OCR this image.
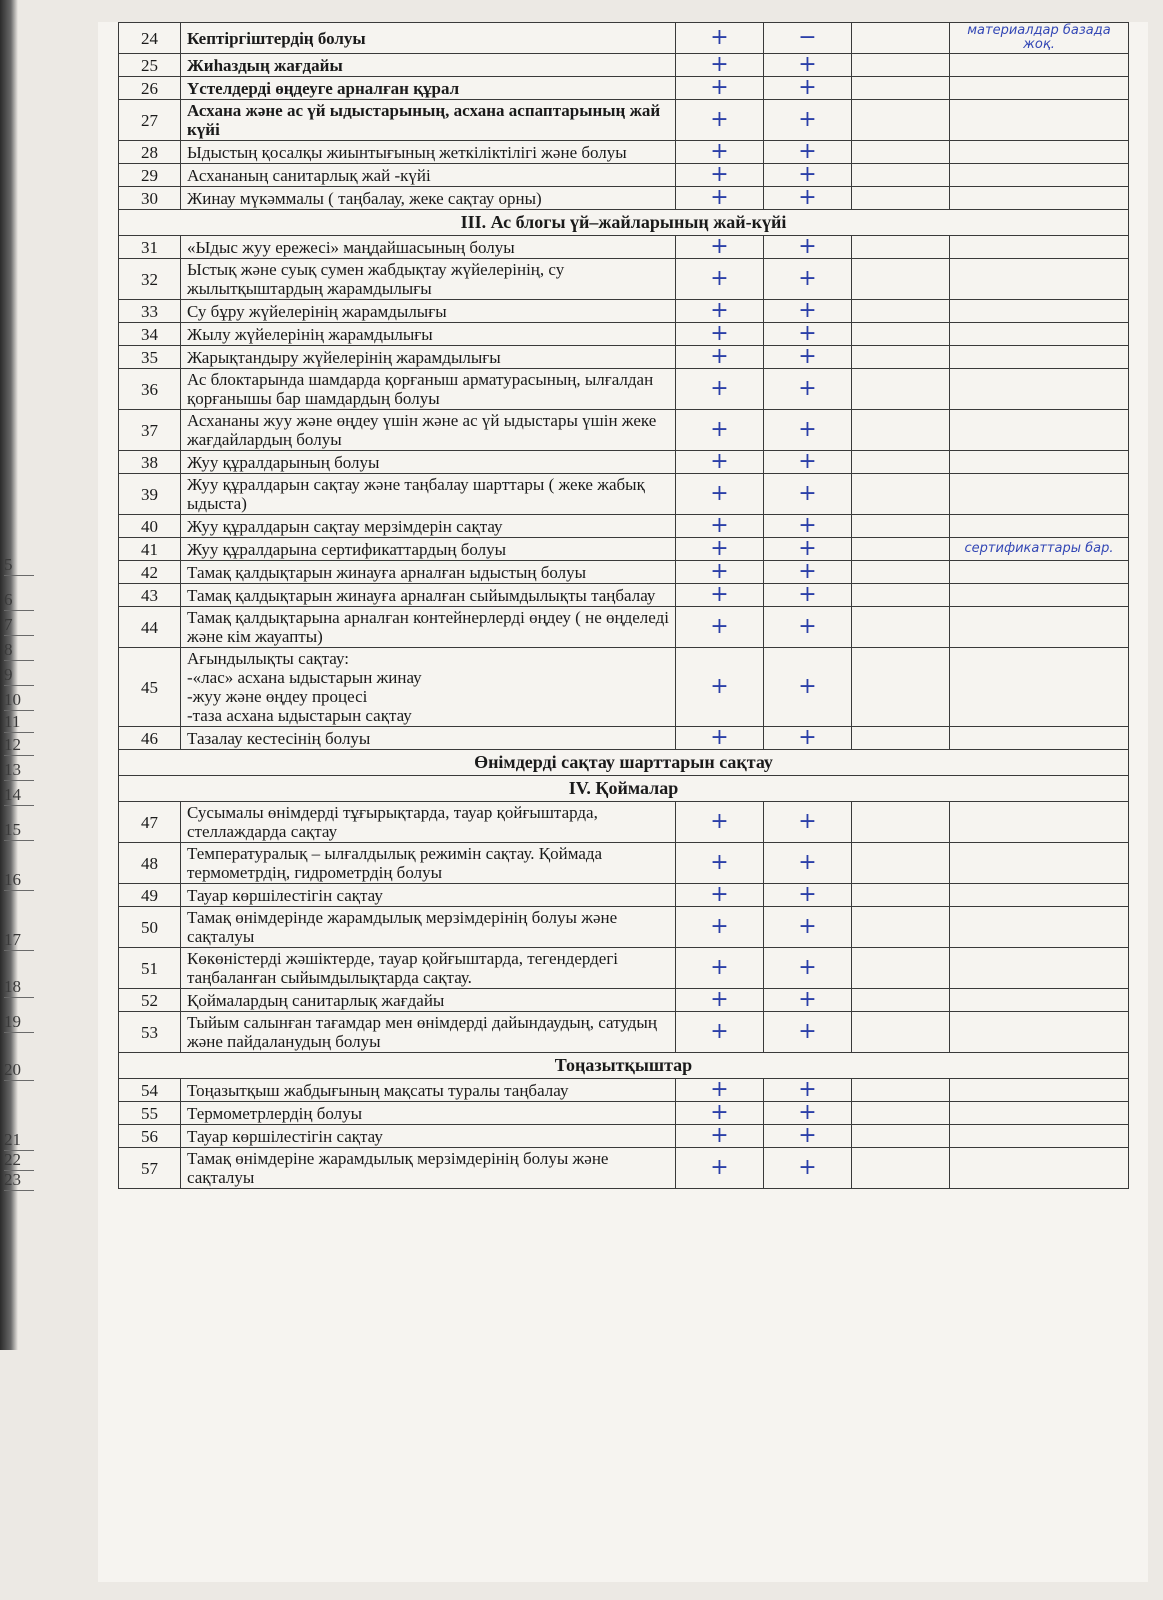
5
6
7
8
9
10
11
12
13
14
15
16
17
18
19
20
21
22
23
24	Кептіргіштердің болуы	+	−		материалдар базада жоқ.
25	Жиһаздың жағдайы	+	+		
26	Үстелдерді өңдеуге арналған құрал	+	+		
27	Асхана және ас үй ыдыстарының, асхана аспаптарының жай күйі	+	+		
28	Ыдыстың қосалқы жиынтығының жеткіліктілігі және болуы	+	+		
29	Асхананың санитарлық жай -күйі	+	+		
30	Жинау мүкәммалы ( таңбалау, жеке сақтау орны)	+	+		
III. Ас блогы үй–жайларының жай-күйі					
31	«Ыдыс жуу ережесі» маңдайшасының болуы	+	+		
32	Ыстық және суық сумен жабдықтау жүйелерінің, су жылытқыштардың жарамдылығы	+	+		
33	Су бұру жүйелерінің жарамдылығы	+	+		
34	Жылу жүйелерінің жарамдылығы	+	+		
35	Жарықтандыру жүйелерінің жарамдылығы	+	+		
36	Ас блоктарында шамдарда қорғаныш арматурасының, ылғалдан қорғанышы бар шамдардың болуы	+	+		
37	Асхананы жуу және өңдеу үшін және ас үй ыдыстары үшін жеке жағдайлардың болуы	+	+		
38	Жуу құралдарының болуы	+	+		
39	Жуу құралдарын сақтау және таңбалау шарттары ( жеке жабық ыдыста)	+	+		
40	Жуу құралдарын сақтау мерзімдерін сақтау	+	+		
41	Жуу құралдарына сертификаттардың болуы	+	+		сертификаттары бар.
42	Тамақ қалдықтарын жинауға арналған ыдыстың болуы	+	+		
43	Тамақ қалдықтарын жинауға арналған сыйымдылықты таңбалау	+	+		
44	Тамақ қалдықтарына арналған контейнерлерді өңдеу ( не өңделеді және кім жауапты)	+	+		
45	Ағындылықты сақтау:
-«лас» асхана ыдыстарын жинау
-жуу және өңдеу процесі
-таза асхана ыдыстарын сақтау	+	+		
46	Тазалау кестесінің болуы	+	+		
Өнімдерді сақтау шарттарын сақтау					
IV. Қоймалар					
47	Сусымалы өнімдерді тұғырықтарда, тауар қойғыштарда, стеллаждарда сақтау	+	+		
48	Температуралық – ылғалдылық режимін сақтау. Қоймада термометрдің, гидрометрдің болуы	+	+		
49	Тауар көршілестігін сақтау	+	+		
50	Тамақ өнімдерінде жарамдылық мерзімдерінің болуы және сақталуы	+	+		
51	Көкөністерді жәшіктерде, тауар қойғыштарда, тегендердегі таңбаланған сыйымдылықтарда сақтау.	+	+		
52	Қоймалардың санитарлық жағдайы	+	+		
53	Тыйым салынған тағамдар мен өнімдерді дайындаудың, сатудың және пайдаланудың болуы	+	+		
Тоңазытқыштар					
54	Тоңазытқыш жабдығының мақсаты туралы таңбалау	+	+		
55	Термометрлердің болуы	+	+		
56	Тауар көршілестігін сақтау	+	+		
57	Тамақ өнімдеріне жарамдылық мерзімдерінің болуы және сақталуы	+	+		
